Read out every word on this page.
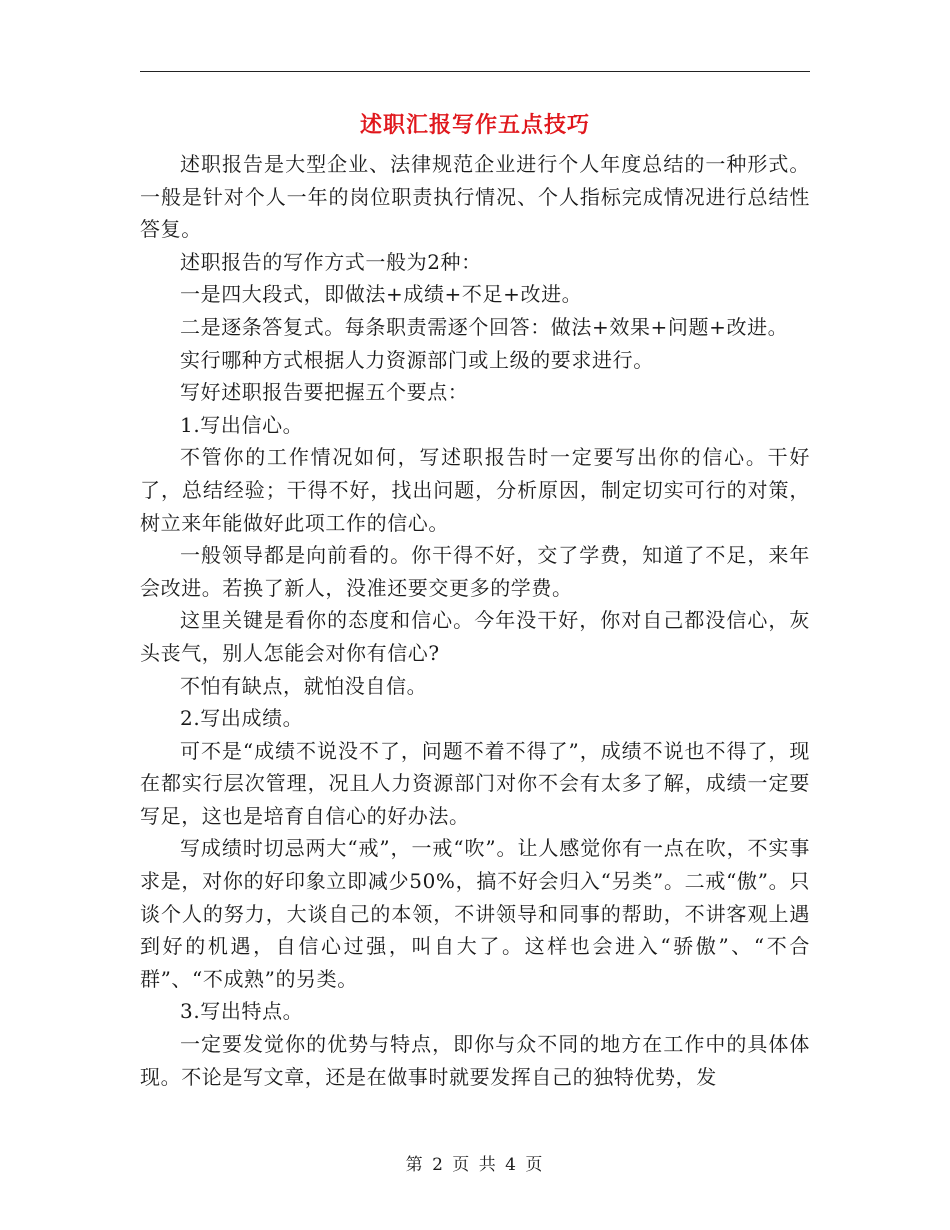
述职汇报写作五点技巧

述职报告是大型企业、法律规范企业进行个人年度总结的一种形式。一般是针对个人一年的岗位职责执行情况、个人指标完成情况进行总结性答复。

述职报告的写作方式一般为2种：

一是四大段式，即做法+成绩+不足+改进。

二是逐条答复式。每条职责需逐个回答：做法+效果+问题+改进。

实行哪种方式根据人力资源部门或上级的要求进行。

写好述职报告要把握五个要点：

1.写出信心。

不管你的工作情况如何，写述职报告时一定要写出你的信心。干好了，总结经验；干得不好，找出问题，分析原因，制定切实可行的对策，树立来年能做好此项工作的信心。

一般领导都是向前看的。你干得不好，交了学费，知道了不足，来年会改进。若换了新人，没准还要交更多的学费。

这里关键是看你的态度和信心。今年没干好，你对自己都没信心，灰头丧气，别人怎能会对你有信心?

不怕有缺点，就怕没自信。

2.写出成绩。

可不是“成绩不说没不了，问题不着不得了”，成绩不说也不得了，现在都实行层次管理，况且人力资源部门对你不会有太多了解，成绩一定要写足，这也是培育自信心的好办法。

写成绩时切忌两大“戒”，一戒“吹”。让人感觉你有一点在吹，不实事求是，对你的好印象立即减少50%，搞不好会归入“另类”。二戒“傲”。只谈个人的努力，大谈自己的本领，不讲领导和同事的帮助，不讲客观上遇到好的机遇，自信心过强，叫自大了。这样也会进入“骄傲”、“不合群”、“不成熟”的另类。

3.写出特点。

一定要发觉你的优势与特点，即你与众不同的地方在工作中的具体体现。不论是写文章，还是在做事时就要发挥自己的独特优势，发

第 2 页 共 4 页
